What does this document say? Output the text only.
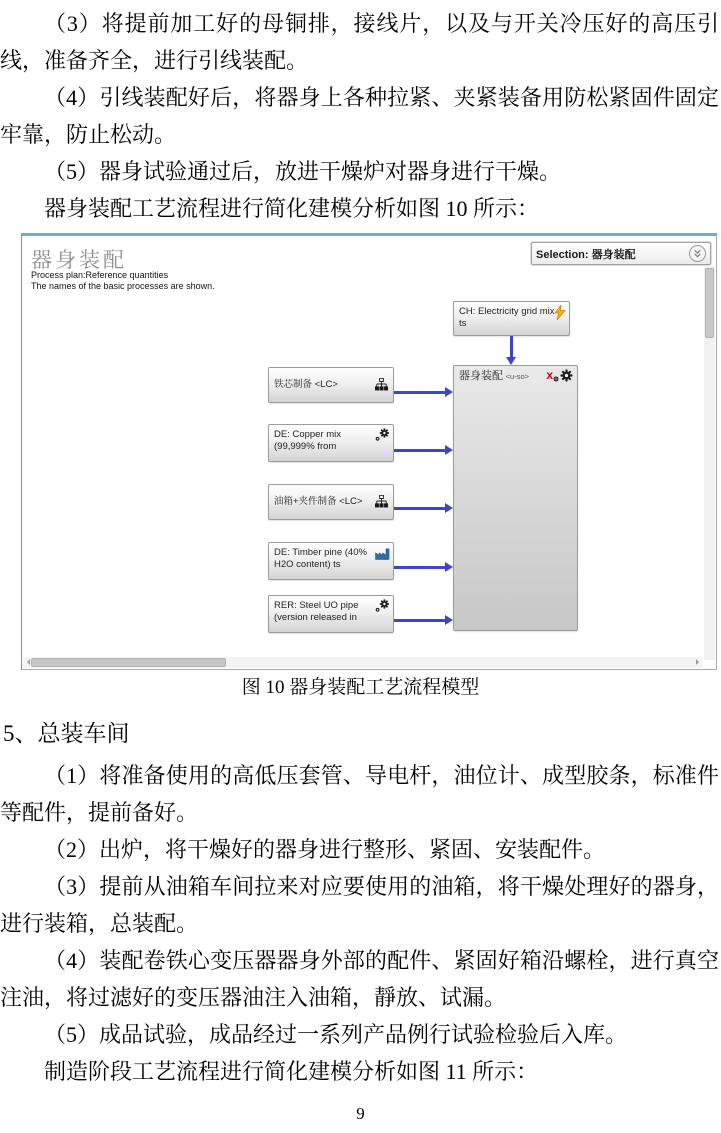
（3）将提前加工好的母铜排，接线片，以及与开关冷压好的高压引线，准备齐全，进行引线装配。

（4）引线装配好后，将器身上各种拉紧、夹紧装备用防松紧固件固定牢靠，防止松动。

（5）器身试验通过后，放进干燥炉对器身进行干燥。

器身装配工艺流程进行简化建模分析如图 10 所示：

器身装配
Process plan:Reference quantities
The names of the basic processes are shown.
Selection: 器身装配
CH: Electricity grid mix
ts
器身装配 <u-so> x
铁芯制备 <LC>
DE: Copper mix
(99,999% from
油箱+夹件制备 <LC>
DE: Timber pine (40%
H2O content) ts
RER: Steel UO pipe
(version released in
图 10 器身装配工艺流程模型
5、总装车间

（1）将准备使用的高低压套管、导电杆，油位计、成型胶条，标准件等配件，提前备好。

（2）出炉，将干燥好的器身进行整形、紧固、安装配件。

（3）提前从油箱车间拉来对应要使用的油箱，将干燥处理好的器身，进行装箱，总装配。

（4）装配卷铁心变压器器身外部的配件、紧固好箱沿螺栓，进行真空注油，将过滤好的变压器油注入油箱，靜放、试漏。

（5）成品试验，成品经过一系列产品例行试验检验后入库。

制造阶段工艺流程进行简化建模分析如图 11 所示：

9
